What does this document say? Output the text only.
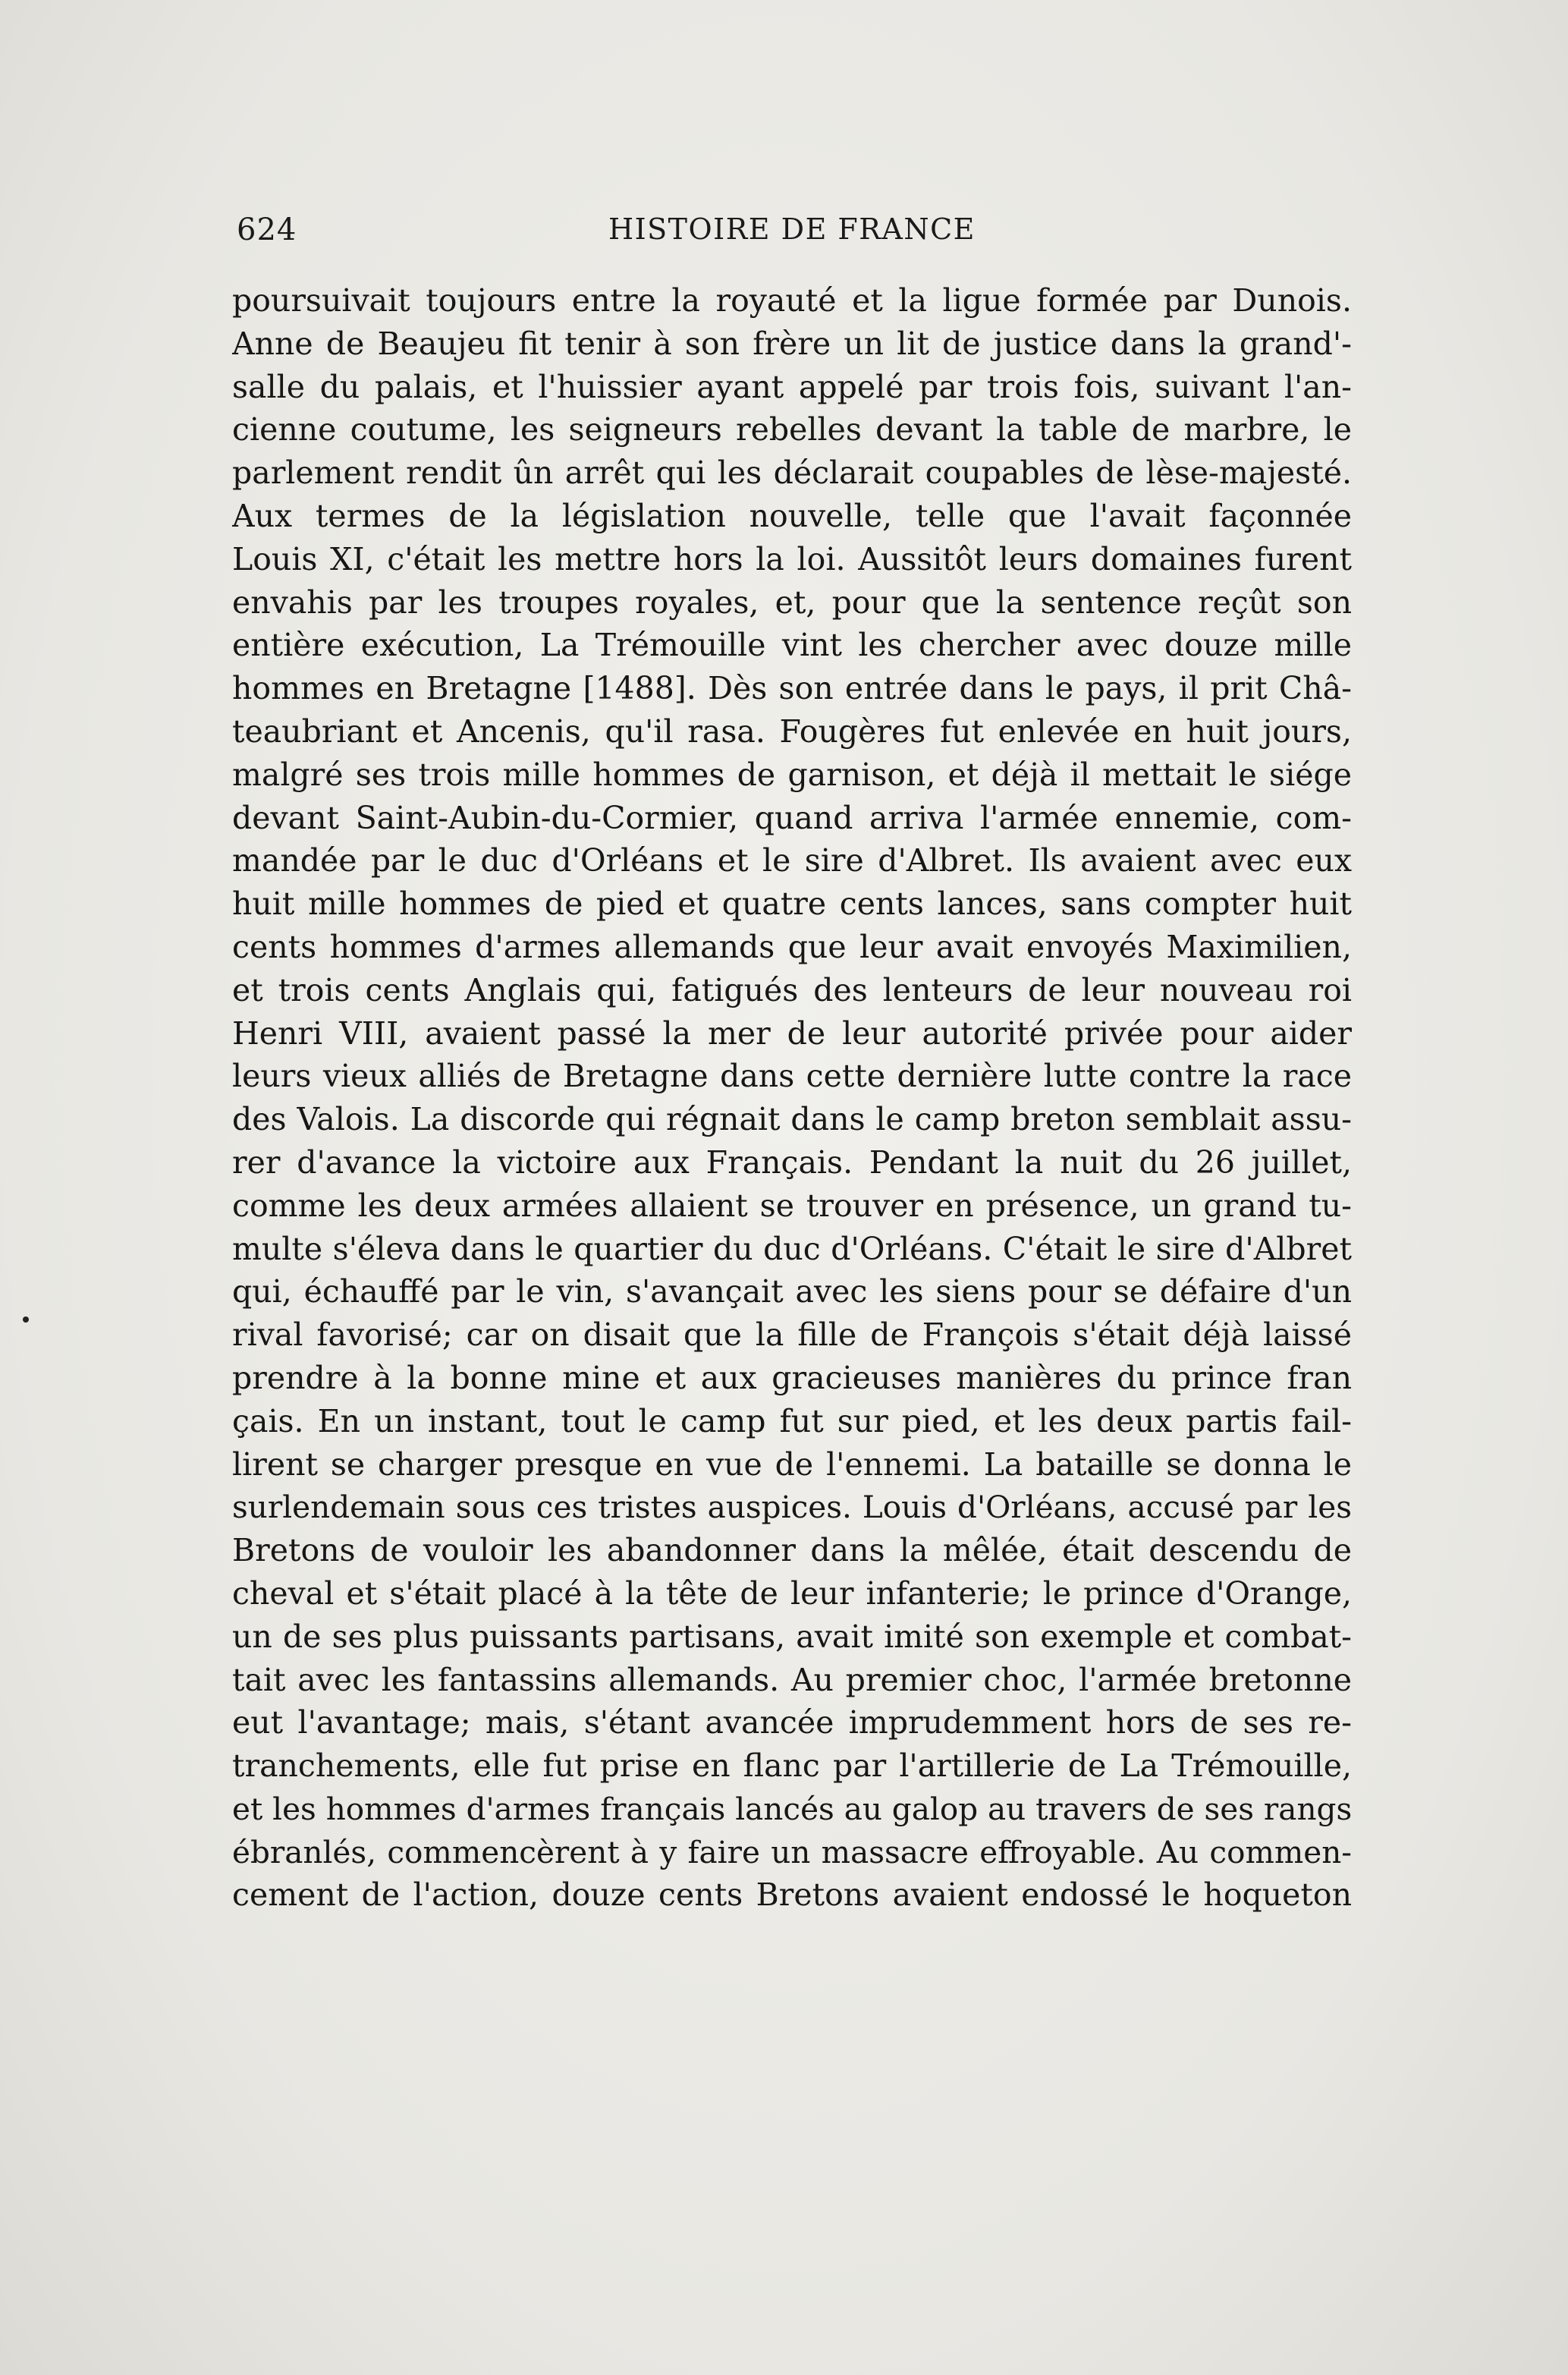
624	HISTOIRE DE FRANCE
poursuivait toujours entre la royauté et la ligue formée par Dunois.
Anne de Beaujeu fit tenir à son frère un lit de justice dans la grand'-
salle du palais, et l'huissier ayant appelé par trois fois, suivant l'an-
cienne coutume, les seigneurs rebelles devant la table de marbre, le
parlement rendit ûn arrêt qui les déclarait coupables de lèse-majesté.
Aux termes de la législation nouvelle, telle que l'avait façonnée
Louis XI, c'était les mettre hors la loi. Aussitôt leurs domaines furent
envahis par les troupes royales, et, pour que la sentence reçût son
entière exécution, La Trémouille vint les chercher avec douze mille
hommes en Bretagne [1488]. Dès son entrée dans le pays, il prit Châ-
teaubriant et Ancenis, qu'il rasa. Fougères fut enlevée en huit jours,
malgré ses trois mille hommes de garnison, et déjà il mettait le siége
devant Saint-Aubin-du-Cormier, quand arriva l'armée ennemie, com-
mandée par le duc d'Orléans et le sire d'Albret. Ils avaient avec eux
huit mille hommes de pied et quatre cents lances, sans compter huit
cents hommes d'armes allemands que leur avait envoyés Maximilien,
et trois cents Anglais qui, fatigués des lenteurs de leur nouveau roi
Henri VIII, avaient passé la mer de leur autorité privée pour aider
leurs vieux alliés de Bretagne dans cette dernière lutte contre la race
des Valois. La discorde qui régnait dans le camp breton semblait assu-
rer d'avance la victoire aux Français. Pendant la nuit du 26 juillet,
comme les deux armées allaient se trouver en présence, un grand tu-
multe s'éleva dans le quartier du duc d'Orléans. C'était le sire d'Albret
qui, échauffé par le vin, s'avançait avec les siens pour se défaire d'un
rival favorisé; car on disait que la fille de François s'était déjà laissé
prendre à la bonne mine et aux gracieuses manières du prince fran
çais. En un instant, tout le camp fut sur pied, et les deux partis fail-
lirent se charger presque en vue de l'ennemi. La bataille se donna le
surlendemain sous ces tristes auspices. Louis d'Orléans, accusé par les
Bretons de vouloir les abandonner dans la mêlée, était descendu de
cheval et s'était placé à la tête de leur infanterie; le prince d'Orange,
un de ses plus puissants partisans, avait imité son exemple et combat-
tait avec les fantassins allemands. Au premier choc, l'armée bretonne
eut l'avantage; mais, s'étant avancée imprudemment hors de ses re-
tranchements, elle fut prise en flanc par l'artillerie de La Trémouille,
et les hommes d'armes français lancés au galop au travers de ses rangs
ébranlés, commencèrent à y faire un massacre effroyable. Au commen-
cement de l'action, douze cents Bretons avaient endossé le hoqueton
